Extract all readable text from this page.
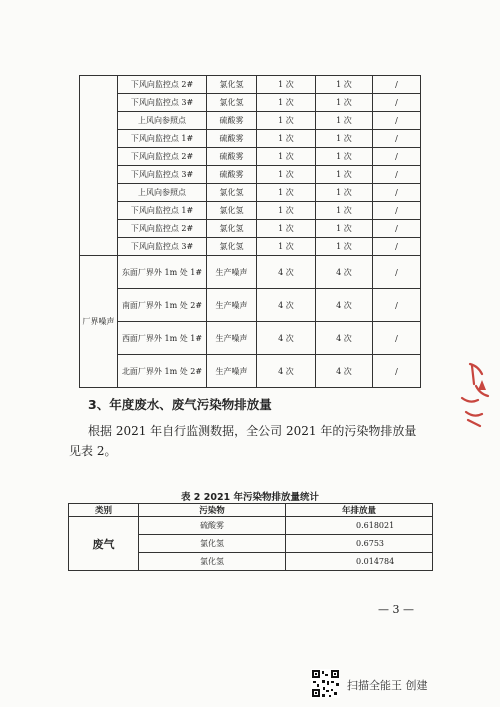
	下风向监控点 2#	氯化氢	1 次	1 次	/
	下风向监控点 3#	氯化氢	1 次	1 次	/
	上风向参照点	硫酸雾	1 次	1 次	/
	下风向监控点 1#	硫酸雾	1 次	1 次	/
	下风向监控点 2#	硫酸雾	1 次	1 次	/
	下风向监控点 3#	硫酸雾	1 次	1 次	/
	上风向参照点	氯化氢	1 次	1 次	/
	下风向监控点 1#	氯化氢	1 次	1 次	/
	下风向监控点 2#	氯化氢	1 次	1 次	/
	下风向监控点 3#	氯化氢	1 次	1 次	/
厂界噪声	东面厂界外 1m 处 1#	生产噪声	4 次	4 次	/
	南面厂界外 1m 处 2#	生产噪声	4 次	4 次	/
	西面厂界外 1m 处 1#	生产噪声	4 次	4 次	/
	北面厂界外 1m 处 2#	生产噪声	4 次	4 次	/
3、年度废水、废气污染物排放量
根据 2021 年自行监测数据，全公司 2021 年的污染物排放量
见表 2。
表 2 2021 年污染物排放量统计
类别	污染物	年排放量
废气	硫酸雾	0.618021
	氯化氢	0.6753
	氯化氢	0.014784
— 3 —
扫描全能王 创建
